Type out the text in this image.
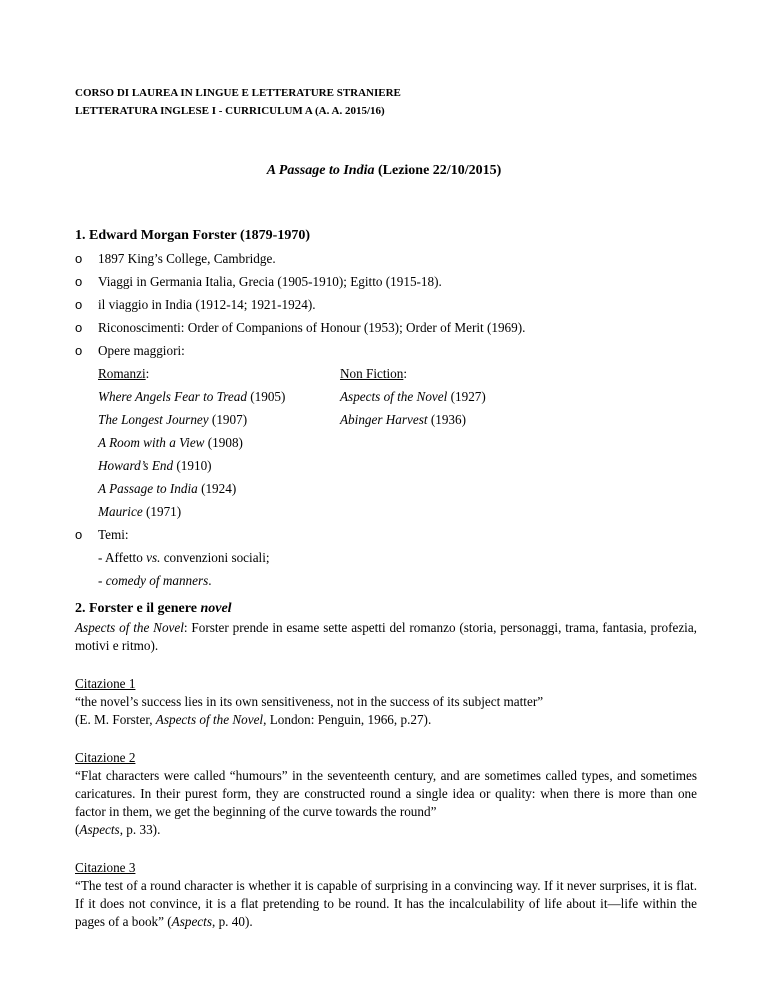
CORSO DI LAUREA IN LINGUE E LETTERATURE STRANIERE
LETTERATURA INGLESE I - CURRICULUM A (A. A. 2015/16)
A Passage to India (Lezione 22/10/2015)
1. Edward Morgan Forster (1879-1970)
o 1897 King’s College, Cambridge.
o Viaggi in Germania Italia, Grecia (1905-1910); Egitto (1915-18).
o il viaggio in India (1912-14; 1921-1924).
o Riconoscimenti: Order of Companions of Honour (1953); Order of Merit (1969).
o Opere maggiori:
Romanzi:
Where Angels Fear to Tread (1905)
The Longest Journey (1907)
A Room with a View (1908)
Howard’s End (1910)
A Passage to India (1924)
Maurice (1971)
Non Fiction:
Aspects of the Novel (1927)
Abinger Harvest (1936)
o Temi:
- Affetto vs. convenzioni sociali;
- comedy of manners.
2. Forster e il genere novel
Aspects of the Novel: Forster prende in esame sette aspetti del romanzo (storia, personaggi, trama, fantasia, profezia, motivi e ritmo).
Citazione 1
“the novel’s success lies in its own sensitiveness, not in the success of its subject matter”
(E. M. Forster, Aspects of the Novel, London: Penguin, 1966, p.27).
Citazione 2
“Flat characters were called “humours” in the seventeenth century, and are sometimes called types, and sometimes caricatures. In their purest form, they are constructed round a single idea or quality: when there is more than one factor in them, we get the beginning of the curve towards the round”
(Aspects, p. 33).
Citazione 3
“The test of a round character is whether it is capable of surprising in a convincing way. If it never surprises, it is flat. If it does not convince, it is a flat pretending to be round. It has the incalculability of life about it—life within the pages of a book” (Aspects, p. 40).
